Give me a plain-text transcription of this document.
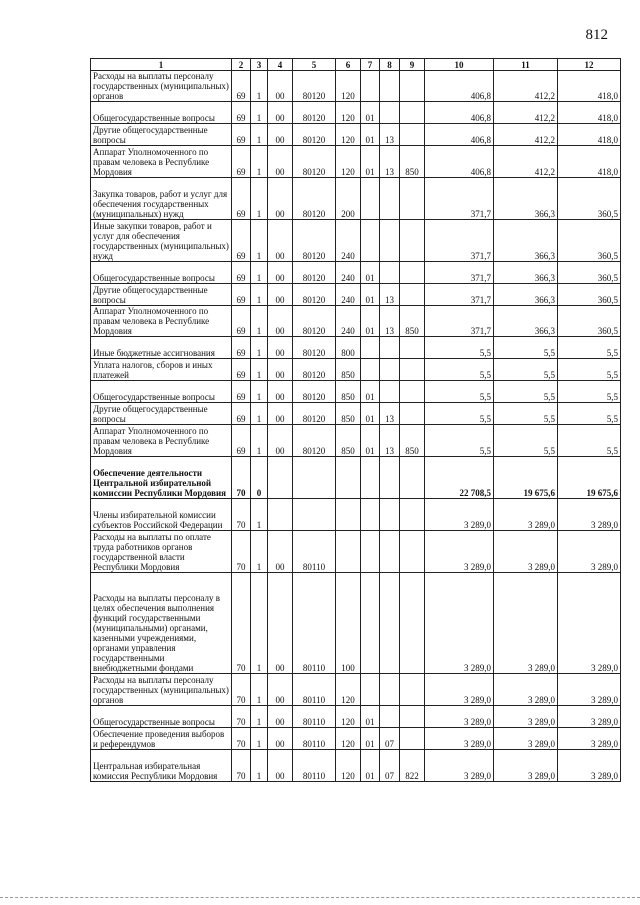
812
1	2	3	4	5	6	7	8	9	10	11	12
Расходы на выплаты персоналу государственных (муниципальных) органов	69	1	00	80120	120				406,8	412,2	418,0
Общегосударственные вопросы	69	1	00	80120	120	01			406,8	412,2	418,0
Другие общегосударственные вопросы	69	1	00	80120	120	01	13		406,8	412,2	418,0
Аппарат Уполномоченного по правам человека в Республике Мордовия	69	1	00	80120	120	01	13	850	406,8	412,2	418,0
Закупка товаров, работ и услуг для обеспечения государственных (муниципальных) нужд	69	1	00	80120	200				371,7	366,3	360,5
Иные закупки товаров, работ и услуг для обеспечения государственных (муниципальных) нужд	69	1	00	80120	240				371,7	366,3	360,5
Общегосударственные вопросы	69	1	00	80120	240	01			371,7	366,3	360,5
Другие общегосударственные вопросы	69	1	00	80120	240	01	13		371,7	366,3	360,5
Аппарат Уполномоченного по правам человека в Республике Мордовия	69	1	00	80120	240	01	13	850	371,7	366,3	360,5
Иные бюджетные ассигнования	69	1	00	80120	800				5,5	5,5	5,5
Уплата налогов, сборов и иных платежей	69	1	00	80120	850				5,5	5,5	5,5
Общегосударственные вопросы	69	1	00	80120	850	01			5,5	5,5	5,5
Другие общегосударственные вопросы	69	1	00	80120	850	01	13		5,5	5,5	5,5
Аппарат Уполномоченного по правам человека в Республике Мордовия	69	1	00	80120	850	01	13	850	5,5	5,5	5,5
Обеспечение деятельности Центральной избирательной комиссии Республики Мордовия	70	0							22 708,5	19 675,6	19 675,6
Члены избирательной комиссии субъектов Российской Федерации	70	1							3 289,0	3 289,0	3 289,0
Расходы на выплаты по оплате труда работников органов государственной власти Республики Мордовия	70	1	00	80110					3 289,0	3 289,0	3 289,0
Расходы на выплаты персоналу в целях обеспечения выполнения функций государственными (муниципальными) органами, казенными учреждениями, органами управления государственными внебюджетными фондами	70	1	00	80110	100				3 289,0	3 289,0	3 289,0
Расходы на выплаты персоналу государственных (муниципальных) органов	70	1	00	80110	120				3 289,0	3 289,0	3 289,0
Общегосударственные вопросы	70	1	00	80110	120	01			3 289,0	3 289,0	3 289,0
Обеспечение проведения выборов и референдумов	70	1	00	80110	120	01	07		3 289,0	3 289,0	3 289,0
Центральная избирательная комиссия Республики Мордовия	70	1	00	80110	120	01	07	822	3 289,0	3 289,0	3 289,0
